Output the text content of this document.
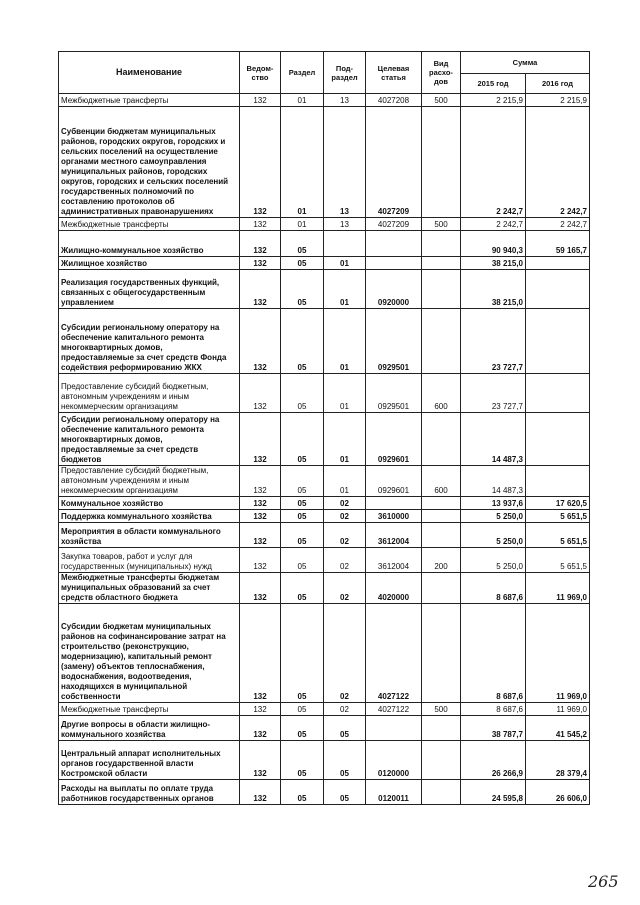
Наименование	Ведом-ство	Раздел	Под-раздел	Целевая статья	Вид расхо-дов	Сумма	
						2015 год	2016 год
Межбюджетные трансферты	132	01	13	4027208	500	2 215,9	2 215,9
Субвенции бюджетам муниципальных районов, городских округов, городских и сельских поселений на осуществление органами местного самоуправления муниципальных районов, городских округов, городских и сельских поселений государственных полномочий по составлению протоколов об административных правонарушениях	132	01	13	4027209		2 242,7	2 242,7
Межбюджетные трансферты	132	01	13	4027209	500	2 242,7	2 242,7
Жилищно-коммунальное хозяйство	132	05				90 940,3	59 165,7
Жилищное хозяйство	132	05	01			38 215,0	
Реализация государственных функций, связанных с общегосударственным управлением	132	05	01	0920000		38 215,0	
Субсидии региональному оператору на обеспечение капитального ремонта многоквартирных домов, предоставляемые за счет средств Фонда содействия реформированию ЖКХ	132	05	01	0929501		23 727,7	
Предоставление субсидий бюджетным, автономным учреждениям и иным некоммерческим организациям	132	05	01	0929501	600	23 727,7	
Субсидии региональному оператору на обеспечение капитального ремонта многоквартирных домов, предоставляемые за счет средств бюджетов	132	05	01	0929601		14 487,3	
Предоставление субсидий бюджетным, автономным учреждениям и иным некоммерческим организациям	132	05	01	0929601	600	14 487,3	
Коммунальное хозяйство	132	05	02			13 937,6	17 620,5
Поддержка коммунального хозяйства	132	05	02	3610000		5 250,0	5 651,5
Мероприятия в области коммунального хозяйства	132	05	02	3612004		5 250,0	5 651,5
Закупка товаров, работ и услуг для государственных (муниципальных) нужд	132	05	02	3612004	200	5 250,0	5 651,5
Межбюджетные трансферты бюджетам муниципальных образований за счет средств областного бюджета	132	05	02	4020000		8 687,6	11 969,0
Субсидии бюджетам муниципальных районов на софинансирование затрат на строительство (реконструкцию, модернизацию), капитальный ремонт (замену) объектов теплоснабжения, водоснабжения, водоотведения, находящихся в муниципальной собственности	132	05	02	4027122		8 687,6	11 969,0
Межбюджетные трансферты	132	05	02	4027122	500	8 687,6	11 969,0
Другие вопросы в области жилищно-коммунального хозяйства	132	05	05			38 787,7	41 545,2
Центральный аппарат исполнительных органов государственной власти Костромской области	132	05	05	0120000		26 266,9	28 379,4
Расходы на выплаты по оплате труда работников государственных органов	132	05	05	0120011		24 595,8	26 606,0
265
